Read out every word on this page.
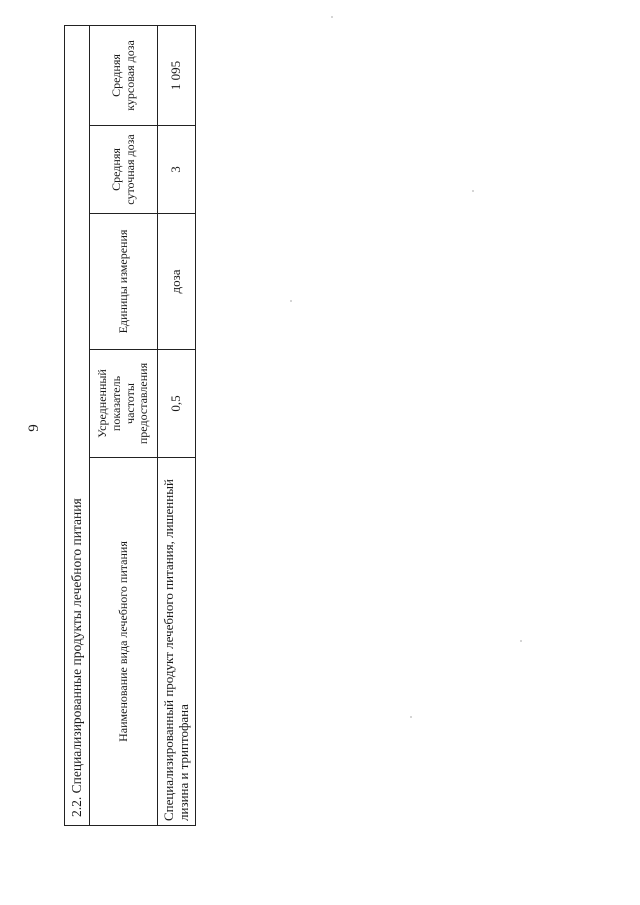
9
2.2. Специализированные продукты лечебного питания				
Наименование вида лечебного питания	Усредненный показатель частоты предоставления	Единицы измерения	Средняя суточная доза	Средняя курсовая доза
Специализированный продукт лечебного питания, лишенный лизина и триптофана	0,5	доза	3	1 095
